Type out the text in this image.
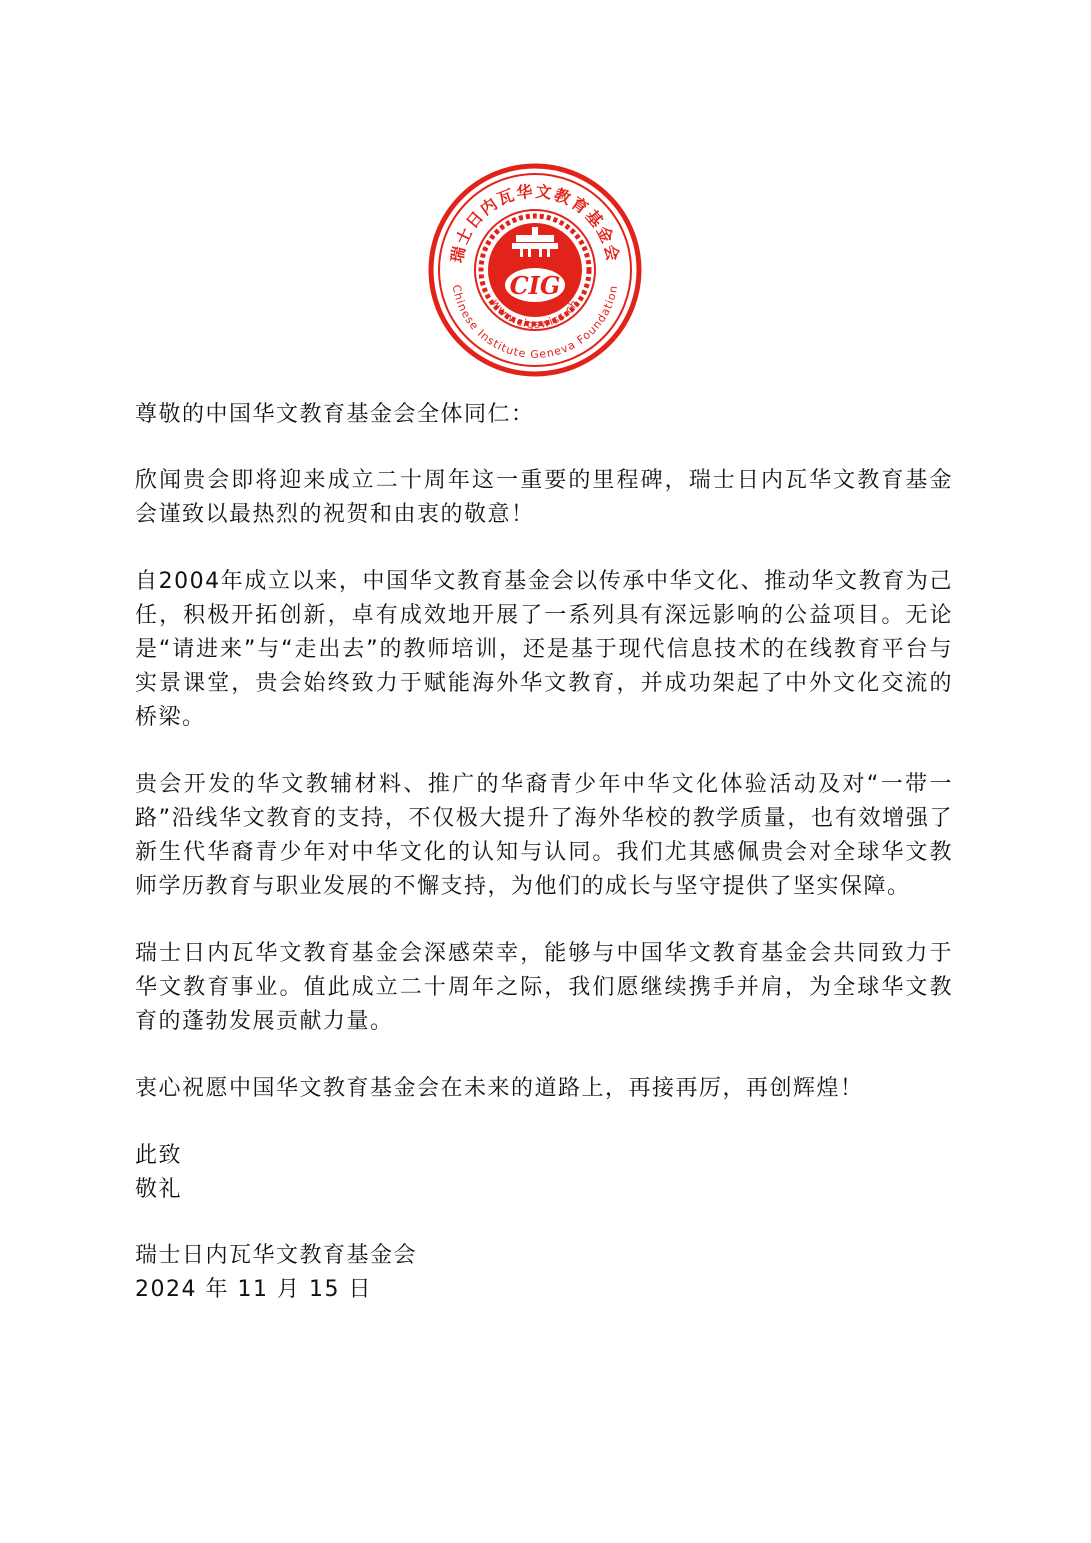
CIG
瑞士日内瓦华文教育基金会
Chinese Institute Geneva Foundation
www.cigswiss.ch

尊敬的中国华文教育基金会全体同仁：

欣闻贵会即将迎来成立二十周年这一重要的里程碑，瑞士日内瓦华文教育基金会谨致以最热烈的祝贺和由衷的敬意！

自2004年成立以来，中国华文教育基金会以传承中华文化、推动华文教育为己任，积极开拓创新，卓有成效地开展了一系列具有深远影响的公益项目。无论是“请进来”与“走出去”的教师培训，还是基于现代信息技术的在线教育平台与实景课堂，贵会始终致力于赋能海外华文教育，并成功架起了中外文化交流的桥梁。

贵会开发的华文教辅材料、推广的华裔青少年中华文化体验活动及对“一带一路”沿线华文教育的支持，不仅极大提升了海外华校的教学质量，也有效增强了新生代华裔青少年对中华文化的认知与认同。我们尤其感佩贵会对全球华文教师学历教育与职业发展的不懈支持，为他们的成长与坚守提供了坚实保障。

瑞士日内瓦华文教育基金会深感荣幸，能够与中国华文教育基金会共同致力于华文教育事业。值此成立二十周年之际，我们愿继续携手并肩，为全球华文教育的蓬勃发展贡献力量。

衷心祝愿中国华文教育基金会在未来的道路上，再接再厉，再创辉煌！

此致

敬礼

瑞士日内瓦华文教育基金会

2024 年 11 月 15 日
